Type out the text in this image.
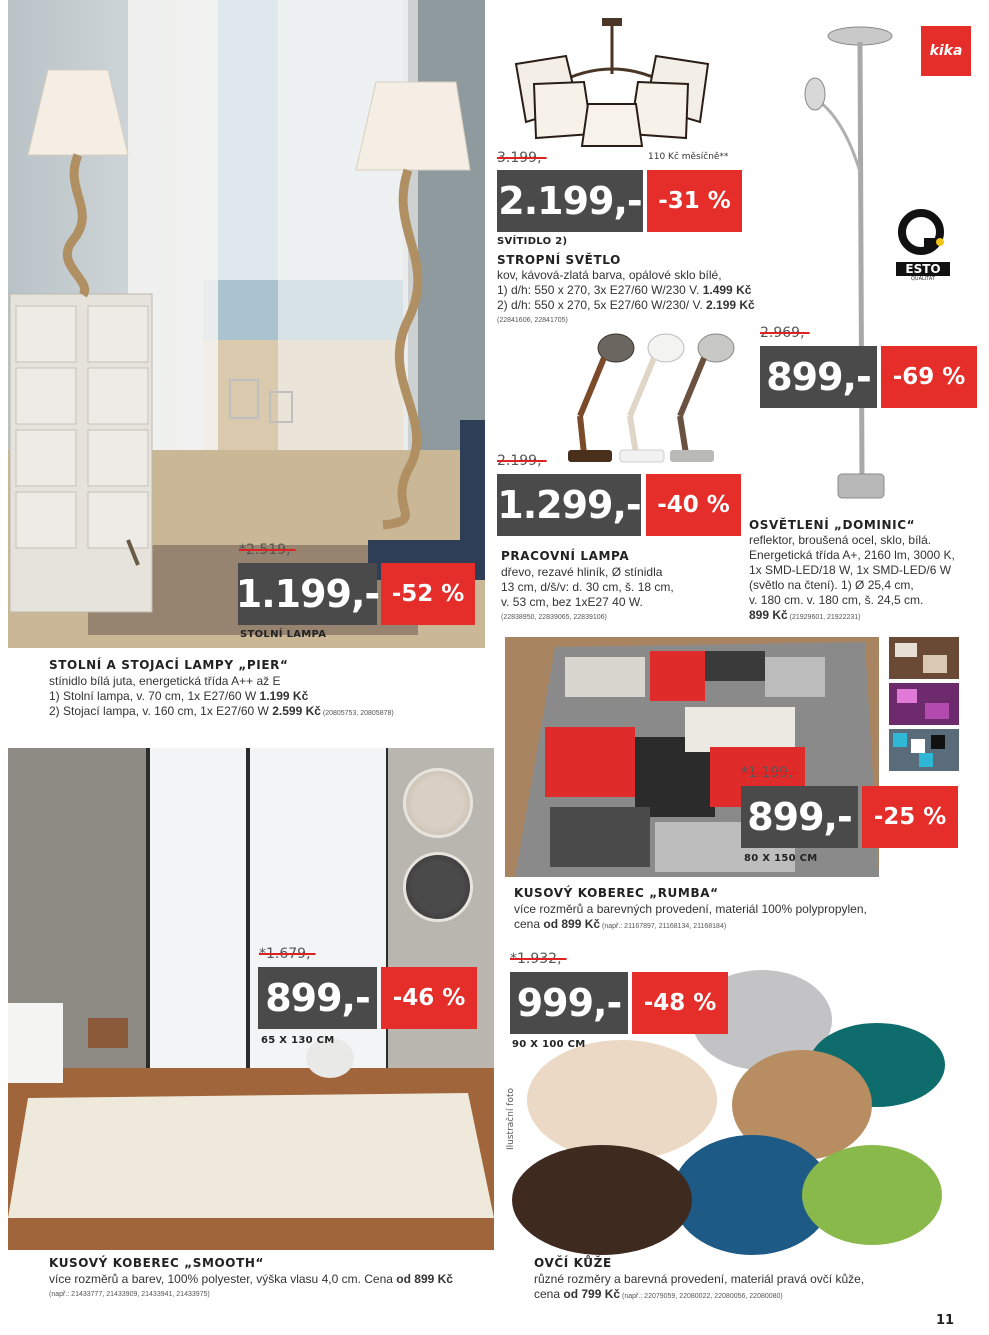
*2.519,-
1.199,- -52 %
STOLNÍ LAMPA
STOLNÍ A STOJACÍ LAMPY „PIER“
stínidlo bílá juta, energetická třída A++ až E
1) Stolní lampa, v. 70 cm, 1x E27/60 W 1.199 Kč
2) Stojací lampa, v. 160 cm, 1x E27/60 W 2.599 Kč (20805753, 20805878)
3.199,-	110 Kč měsíčně**
2.199,- -31 %
SVÍTIDLO 2)
STROPNÍ SVĚTLO
kov, kávová-zlatá barva, opálové sklo bílé,
1) d/h: 550 x 270, 3x E27/60 W/230 V. 1.499 Kč
2) d/h: 550 x 270, 5x E27/60 W/230/ V. 2.199 Kč
(22841606, 22841705)
kika
ESTO
QUALITÄT
2.969,-
899,- -69 %
OSVĚTLENÍ „DOMINIC“
reflektor, broušená ocel, sklo, bílá.
Energetická třída A+, 2160 lm, 3000 K,
1x SMD-LED/18 W, 1x SMD-LED/6 W
(světlo na čtení). 1) Ø 25,4 cm,
v. 180 cm. v. 180 cm, š. 24,5 cm.
899 Kč (21929601, 21922231)
2.199,-
1.299,- -40 %
PRACOVNÍ LAMPA
dřevo, rezavé hliník, Ø stínidla
13 cm, d/š/v: d. 30 cm, š. 18 cm,
v. 53 cm, bez 1xE27 40 W.
(22838950, 22839065, 22839106)
*1.199,-
899,- -25 %
80 X 150 CM
KUSOVÝ KOBEREC „RUMBA“
více rozměrů a barevných provedení, materiál 100% polypropylen,
cena od 899 Kč (např.: 21167897, 21168134, 21168184)
*1.679,-
899,- -46 %
65 X 130 CM
KUSOVÝ KOBEREC „SMOOTH“
více rozměrů a barev, 100% polyester, výška vlasu 4,0 cm. Cena od 899 Kč
(např.: 21433777, 21433909, 21433941, 21433975)
Ilustrační foto
*1.932,-
999,- -48 %
90 X 100 CM
OVČÍ KŮŽE
různé rozměry a barevná provedení, materiál pravá ovčí kůže,
cena od 799 Kč (např.: 22079059, 22080022, 22080056, 22080080)
11
